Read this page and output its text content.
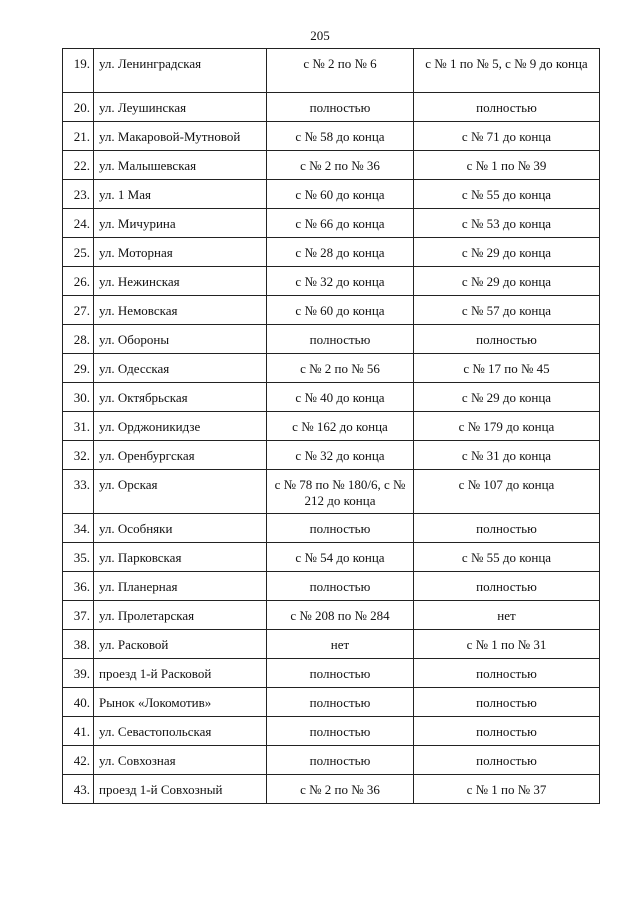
205
19.	ул. Ленинградская	с № 2 по № 6	с № 1 по № 5, с № 9 до конца
20.	ул. Леушинская	полностью	полностью
21.	ул. Макаровой-Мутновой	с № 58 до конца	с № 71 до конца
22.	ул. Малышевская	с № 2 по № 36	с № 1 по № 39
23.	ул. 1 Мая	с № 60 до конца	с № 55 до конца
24.	ул. Мичурина	с № 66 до конца	с № 53 до конца
25.	ул. Моторная	с № 28 до конца	с № 29 до конца
26.	ул. Нежинская	с № 32 до конца	с № 29 до конца
27.	ул. Немовская	с № 60 до конца	с № 57 до конца
28.	ул. Обороны	полностью	полностью
29.	ул. Одесская	с № 2 по № 56	с № 17 по № 45
30.	ул. Октябрьская	с № 40 до конца	с № 29 до конца
31.	ул. Орджоникидзе	с № 162 до конца	с № 179 до конца
32.	ул. Оренбургская	с № 32 до конца	с № 31 до конца
33.	ул. Орская	с № 78 по № 180/6, с № 212 до конца	с № 107 до конца
34.	ул. Особняки	полностью	полностью
35.	ул. Парковская	с № 54 до конца	с № 55 до конца
36.	ул. Планерная	полностью	полностью
37.	ул. Пролетарская	с № 208 по № 284	нет
38.	ул. Расковой	нет	с № 1 по № 31
39.	проезд 1-й Расковой	полностью	полностью
40.	Рынок «Локомотив»	полностью	полностью
41.	ул. Севастопольская	полностью	полностью
42.	ул. Совхозная	полностью	полностью
43.	проезд 1-й Совхозный	с № 2 по № 36	с № 1 по № 37
